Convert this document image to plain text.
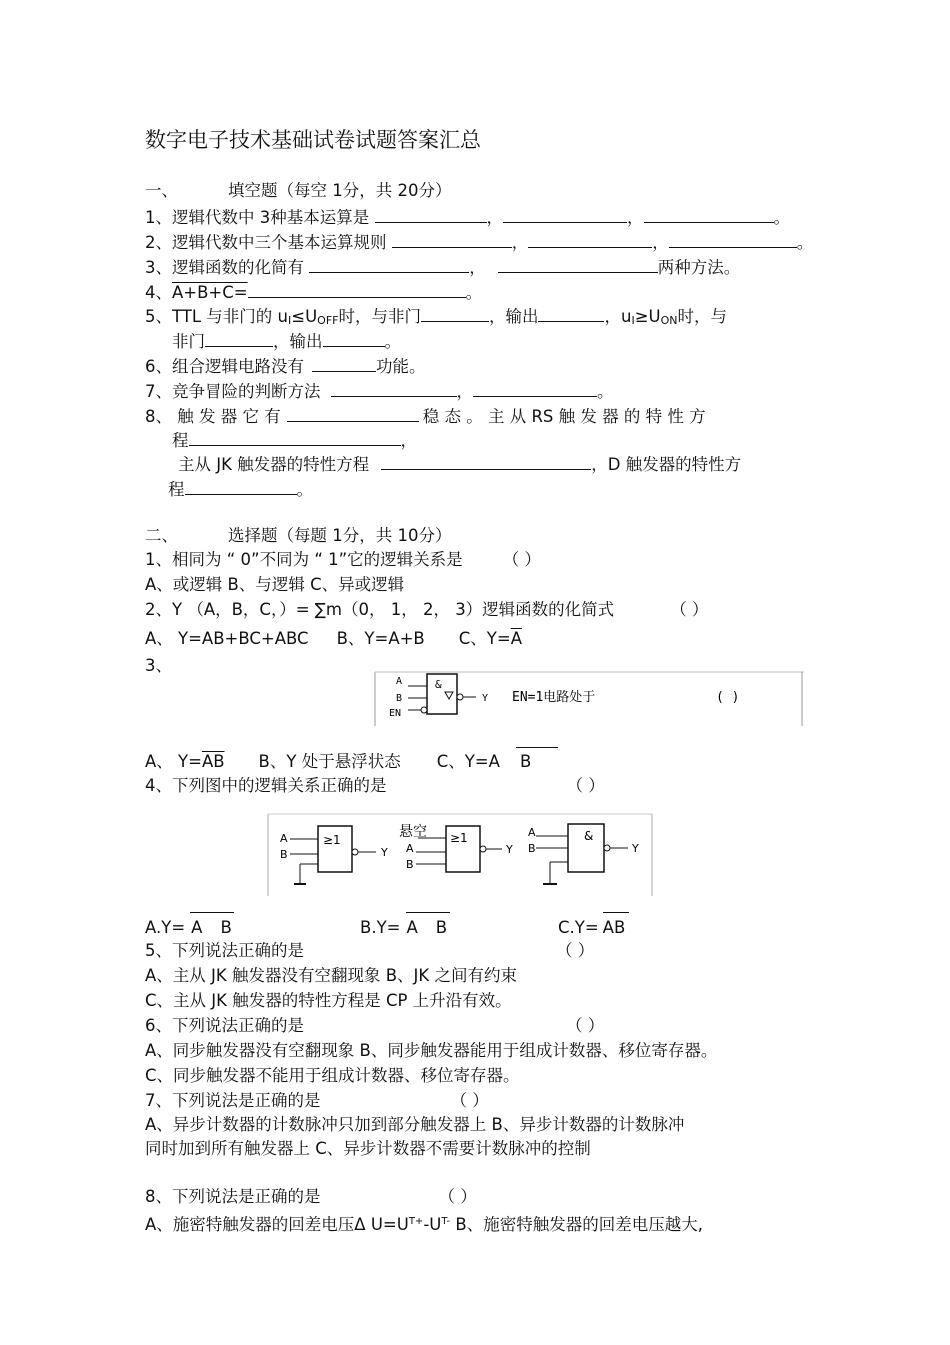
数字电子技术基础试卷试题答案汇总
一、	填空题（每空 1分，共 20分）
1、逻辑代数中 3种基本运算是	，	，	。
2、逻辑代数中三个基本运算规则	，	，	。
3、逻辑函数的化简有	，	两种方法。
4、A+B+C=	。
5、TTL 与非门的 $u_I\le U_{OFF}$时，与非门	，输出	，$u_I\ge U_{ON}$时，与
非门	，输出	。
6、组合逻辑电路没有	功能。
7、竞争冒险的判断方法	，	。
8、 触 发 器 它 有	稳 态 。 主 从 RS 触 发 器 的 特 性 方
程	，
主从 JK 触发器的特性方程	，D 触发器的特性方
程	。
二、	选择题（每题 1分，共 10分）
1、相同为 “ 0”不同为 “ 1”它的逻辑关系是 （ ）
A、或逻辑 B、与逻辑 C、异或逻辑
2、Y （A，B，C，）= ∑m（0， 1， 2， 3）逻辑函数的化简式	（ ）
A、 Y=AB+BC+ABC B、Y=A+B C、$Y=\overline{A}$
3、
A
B
EN
&
Y EN=1电路处于	( )
A、 $Y=\overline{AB}$ B、Y 处于悬浮状态 C、Y=A B
4、下列图中的逻辑关系正确的是	（ ）
A
B
≥1
Y
悬空
A
B
≥1
Y
A
B
&
Y
A.Y= A B	B.Y= A B	C.Y= AB
5、下列说法正确的是	（ ）
A、主从 JK 触发器没有空翻现象 B、JK 之间有约束
C、主从 JK 触发器的特性方程是 CP 上升沿有效。
6、下列说法正确的是	（ ）
A、同步触发器没有空翻现象 B、同步触发器能用于组成计数器、移位寄存器。
C、同步触发器不能用于组成计数器、移位寄存器。
7、下列说法是正确的是	（ ）
A、异步计数器的计数脉冲只加到部分触发器上 B、异步计数器的计数脉冲
同时加到所有触发器上 C、异步计数器不需要计数脉冲的控制
8、下列说法是正确的是	（ ）
A、施密特触发器的回差电压Δ $U=U^{T+}-U^{T-}$ B、施密特触发器的回差电压越大,
